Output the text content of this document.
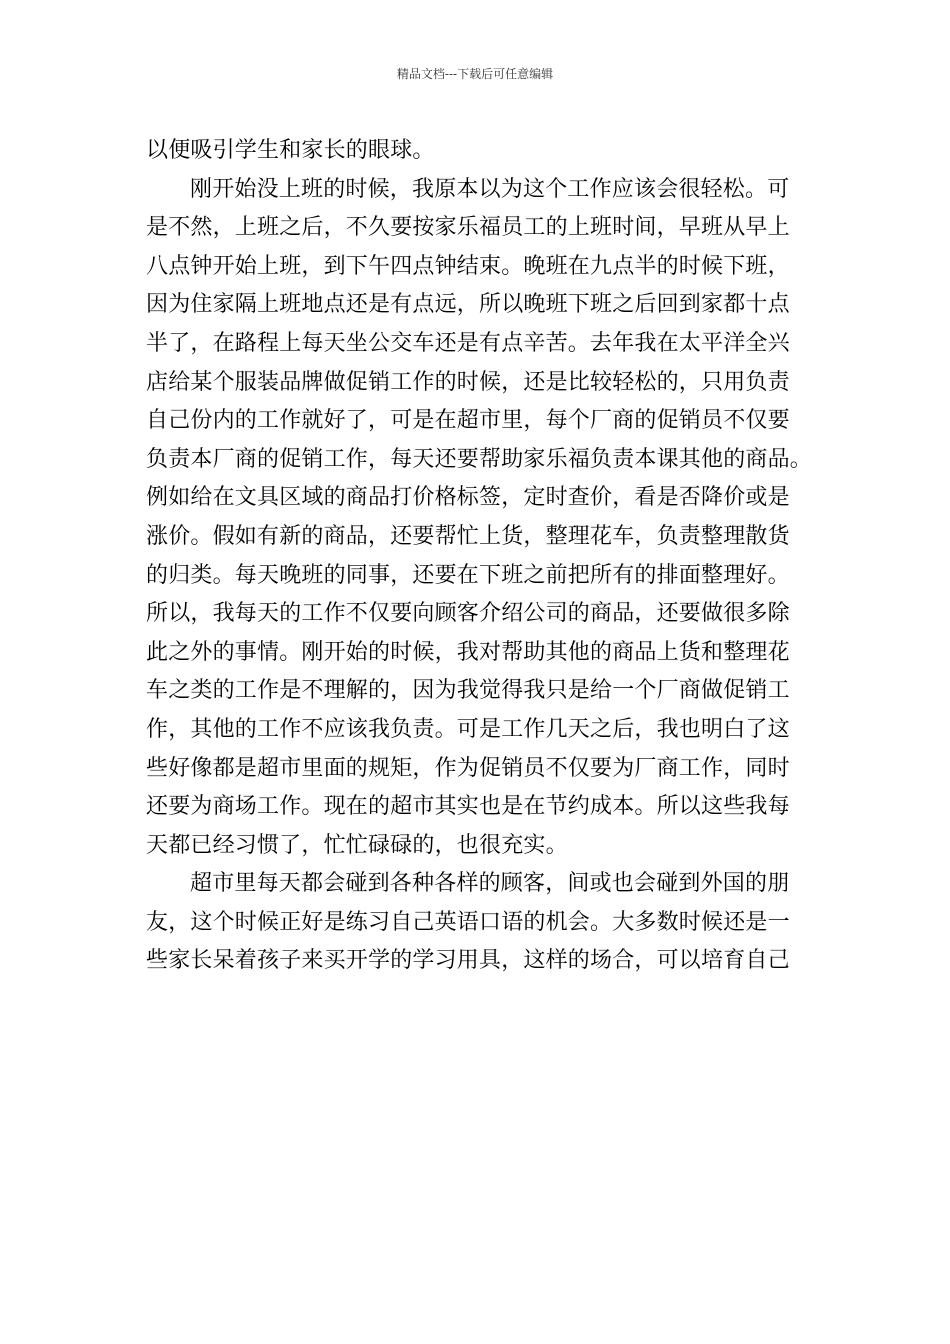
精品文档---下载后可任意编辑
以便吸引学生和家长的眼球。
刚开始没上班的时候，我原本以为这个工作应该会很轻松。可
是不然，上班之后，不久要按家乐福员工的上班时间，早班从早上
八点钟开始上班，到下午四点钟结束。晚班在九点半的时候下班，
因为住家隔上班地点还是有点远，所以晚班下班之后回到家都十点
半了，在路程上每天坐公交车还是有点辛苦。去年我在太平洋全兴
店给某个服装品牌做促销工作的时候，还是比较轻松的，只用负责
自己份内的工作就好了，可是在超市里，每个厂商的促销员不仅要
负责本厂商的促销工作，每天还要帮助家乐福负责本课其他的商品。
例如给在文具区域的商品打价格标签，定时查价，看是否降价或是
涨价。假如有新的商品，还要帮忙上货，整理花车，负责整理散货
的归类。每天晚班的同事，还要在下班之前把所有的排面整理好。
所以，我每天的工作不仅要向顾客介绍公司的商品，还要做很多除
此之外的事情。刚开始的时候，我对帮助其他的商品上货和整理花
车之类的工作是不理解的，因为我觉得我只是给一个厂商做促销工
作，其他的工作不应该我负责。可是工作几天之后，我也明白了这
些好像都是超市里面的规矩，作为促销员不仅要为厂商工作，同时
还要为商场工作。现在的超市其实也是在节约成本。所以这些我每
天都已经习惯了，忙忙碌碌的，也很充实。
超市里每天都会碰到各种各样的顾客，间或也会碰到外国的朋
友，这个时候正好是练习自己英语口语的机会。大多数时候还是一
些家长呆着孩子来买开学的学习用具，这样的场合，可以培育自己
